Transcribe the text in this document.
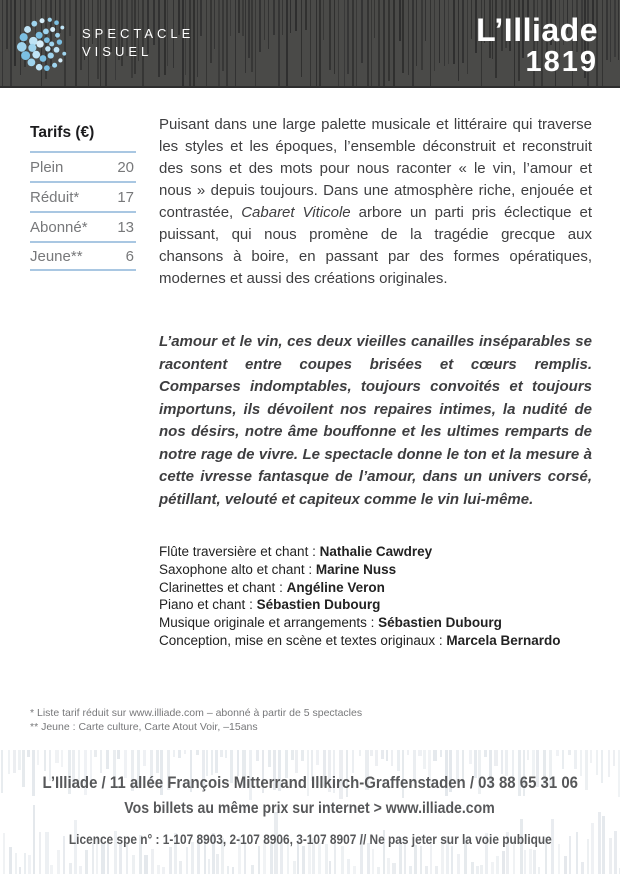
SPECTACLE
VISUEL
L’Illiade
1819
Tarifs (€)
Plein	20
Réduit*	17
Abonné* 13
Jeune**	6
Puisant dans une large palette musicale et littéraire qui traverse les styles et les époques, l’ensemble déconstruit et reconstruit des sons et des mots pour nous raconter « le vin, l’amour et nous » depuis toujours. Dans une atmosphère riche, enjouée et contrastée, Cabaret Viticole arbore un parti pris éclectique et puissant, qui nous promène de la tragédie grecque aux chansons à boire, en passant par des formes opératiques, modernes et aussi des créations originales.
L’amour et le vin, ces deux vieilles canailles inséparables se racontent entre coupes brisées et cœurs remplis. Comparses indomptables, toujours convoités et toujours importuns, ils dévoilent nos repaires intimes, la nudité de nos désirs, notre âme bouffonne et les ultimes remparts de notre rage de vivre. Le spectacle donne le ton et la mesure à cette ivresse fantasque de l’amour, dans un univers corsé, pétillant, velouté et capiteux comme le vin lui-même.
Flûte traversière et chant : Nathalie Cawdrey
Saxophone alto et chant : Marine Nuss
Clarinettes et chant : Angéline Veron
Piano et chant : Sébastien Dubourg
Musique originale et arrangements : Sébastien Dubourg
Conception, mise en scène et textes originaux : Marcela Bernardo
* Liste tarif réduit sur www.illiade.com – abonné à partir de 5 spectacles
** Jeune : Carte culture, Carte Atout Voir, –15ans
L’Illiade / 11 allée François Mitterrand Illkirch-Graffenstaden / 03 88 65 31 06
Vos billets au même prix sur internet > www.illiade.com
Licence spe n° : 1-107 8903, 2-107 8906, 3-107 8907 // Ne pas jeter sur la voie publique
